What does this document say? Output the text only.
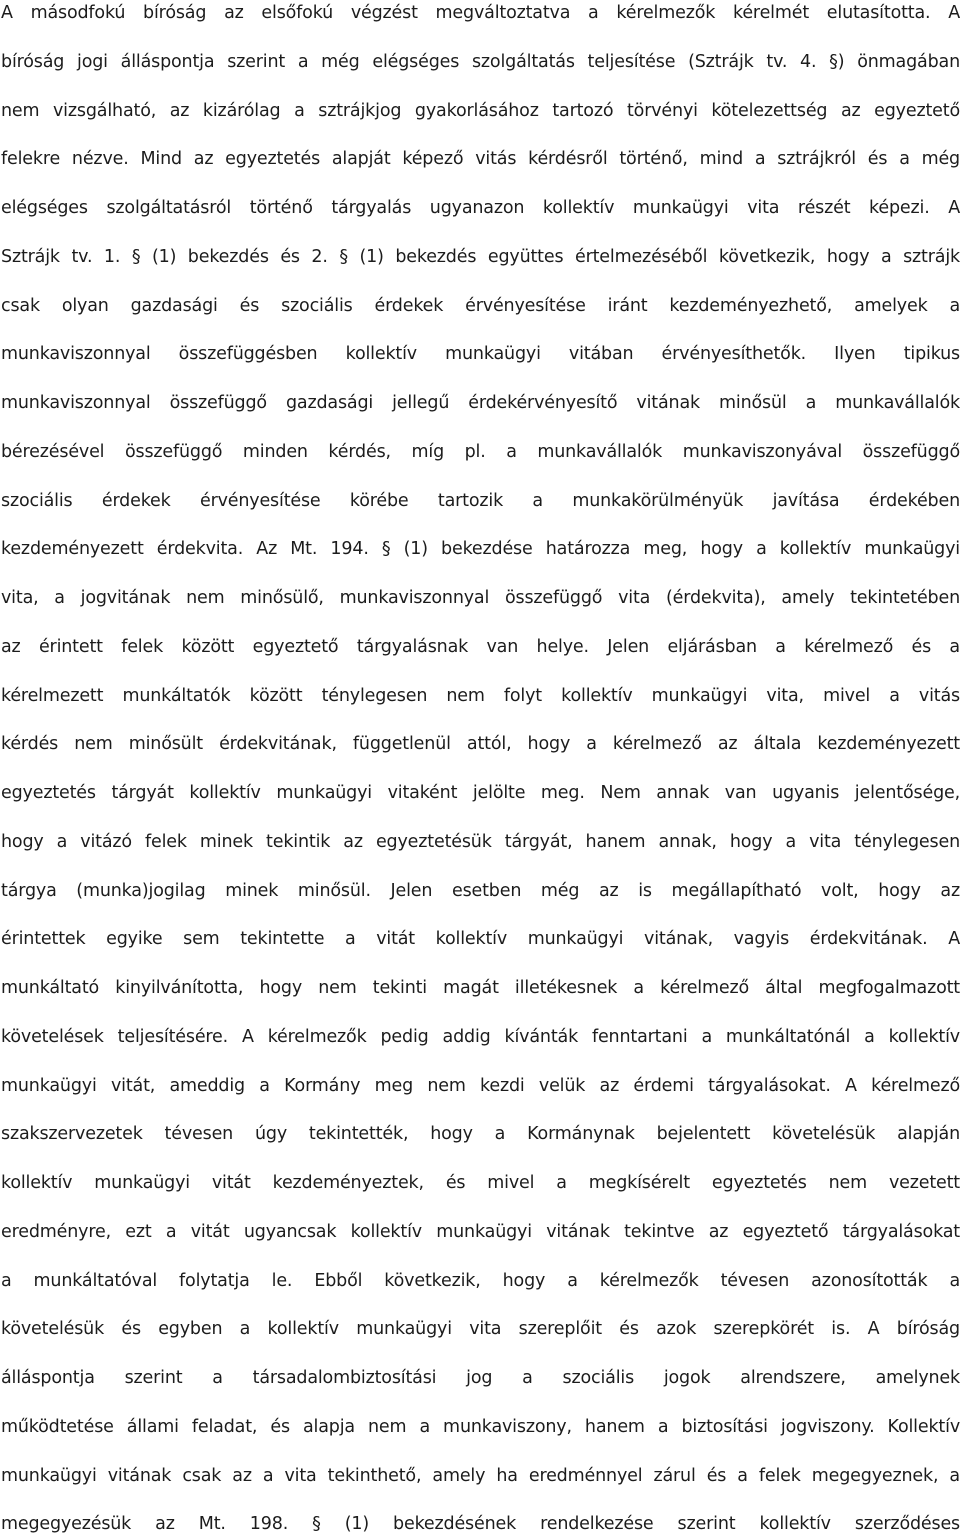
A másodfokú bíróság az elsőfokú végzést megváltoztatva a kérelmezők kérelmét elutasította. A
bíróság jogi álláspontja szerint a még elégséges szolgáltatás teljesítése (Sztrájk tv. 4. §) önmagában
nem vizsgálható, az kizárólag a sztrájkjog gyakorlásához tartozó törvényi kötelezettség az egyeztető
felekre nézve. Mind az egyeztetés alapját képező vitás kérdésről történő, mind a sztrájkról és a még
elégséges szolgáltatásról történő tárgyalás ugyanazon kollektív munkaügyi vita részét képezi. A
Sztrájk tv. 1. § (1) bekezdés és 2. § (1) bekezdés együttes értelmezéséből következik, hogy a sztrájk
csak olyan gazdasági és szociális érdekek érvényesítése iránt kezdeményezhető, amelyek a
munkaviszonnyal összefüggésben kollektív munkaügyi vitában érvényesíthetők. Ilyen tipikus
munkaviszonnyal összefüggő gazdasági jellegű érdekérvényesítő vitának minősül a munkavállalók
bérezésével összefüggő minden kérdés, míg pl. a munkavállalók munkaviszonyával összefüggő
szociális érdekek érvényesítése körébe tartozik a munkakörülményük javítása érdekében
kezdeményezett érdekvita. Az Mt. 194. § (1) bekezdése határozza meg, hogy a kollektív munkaügyi
vita, a jogvitának nem minősülő, munkaviszonnyal összefüggő vita (érdekvita), amely tekintetében
az érintett felek között egyeztető tárgyalásnak van helye. Jelen eljárásban a kérelmező és a
kérelmezett munkáltatók között ténylegesen nem folyt kollektív munkaügyi vita, mivel a vitás
kérdés nem minősült érdekvitának, függetlenül attól, hogy a kérelmező az általa kezdeményezett
egyeztetés tárgyát kollektív munkaügyi vitaként jelölte meg. Nem annak van ugyanis jelentősége,
hogy a vitázó felek minek tekintik az egyeztetésük tárgyát, hanem annak, hogy a vita ténylegesen
tárgya (munka)jogilag minek minősül. Jelen esetben még az is megállapítható volt, hogy az
érintettek egyike sem tekintette a vitát kollektív munkaügyi vitának, vagyis érdekvitának. A
munkáltató kinyilvánította, hogy nem tekinti magát illetékesnek a kérelmező által megfogalmazott
követelések teljesítésére. A kérelmezők pedig addig kívánták fenntartani a munkáltatónál a kollektív
munkaügyi vitát, ameddig a Kormány meg nem kezdi velük az érdemi tárgyalásokat. A kérelmező
szakszervezetek tévesen úgy tekintették, hogy a Kormánynak bejelentett követelésük alapján
kollektív munkaügyi vitát kezdeményeztek, és mivel a megkísérelt egyeztetés nem vezetett
eredményre, ezt a vitát ugyancsak kollektív munkaügyi vitának tekintve az egyeztető tárgyalásokat
a munkáltatóval folytatja le. Ebből következik, hogy a kérelmezők tévesen azonosították a
követelésük és egyben a kollektív munkaügyi vita szereplőit és azok szerepkörét is. A bíróság
álláspontja szerint a társadalombiztosítási jog a szociális jogok alrendszere, amelynek
működtetése állami feladat, és alapja nem a munkaviszony, hanem a biztosítási jogviszony. Kollektív
munkaügyi vitának csak az a vita tekinthető, amely ha eredménnyel zárul és a felek megegyeznek, a
megegyezésük az Mt. 198. § (1) bekezdésének rendelkezése szerint kollektív szerződéses
